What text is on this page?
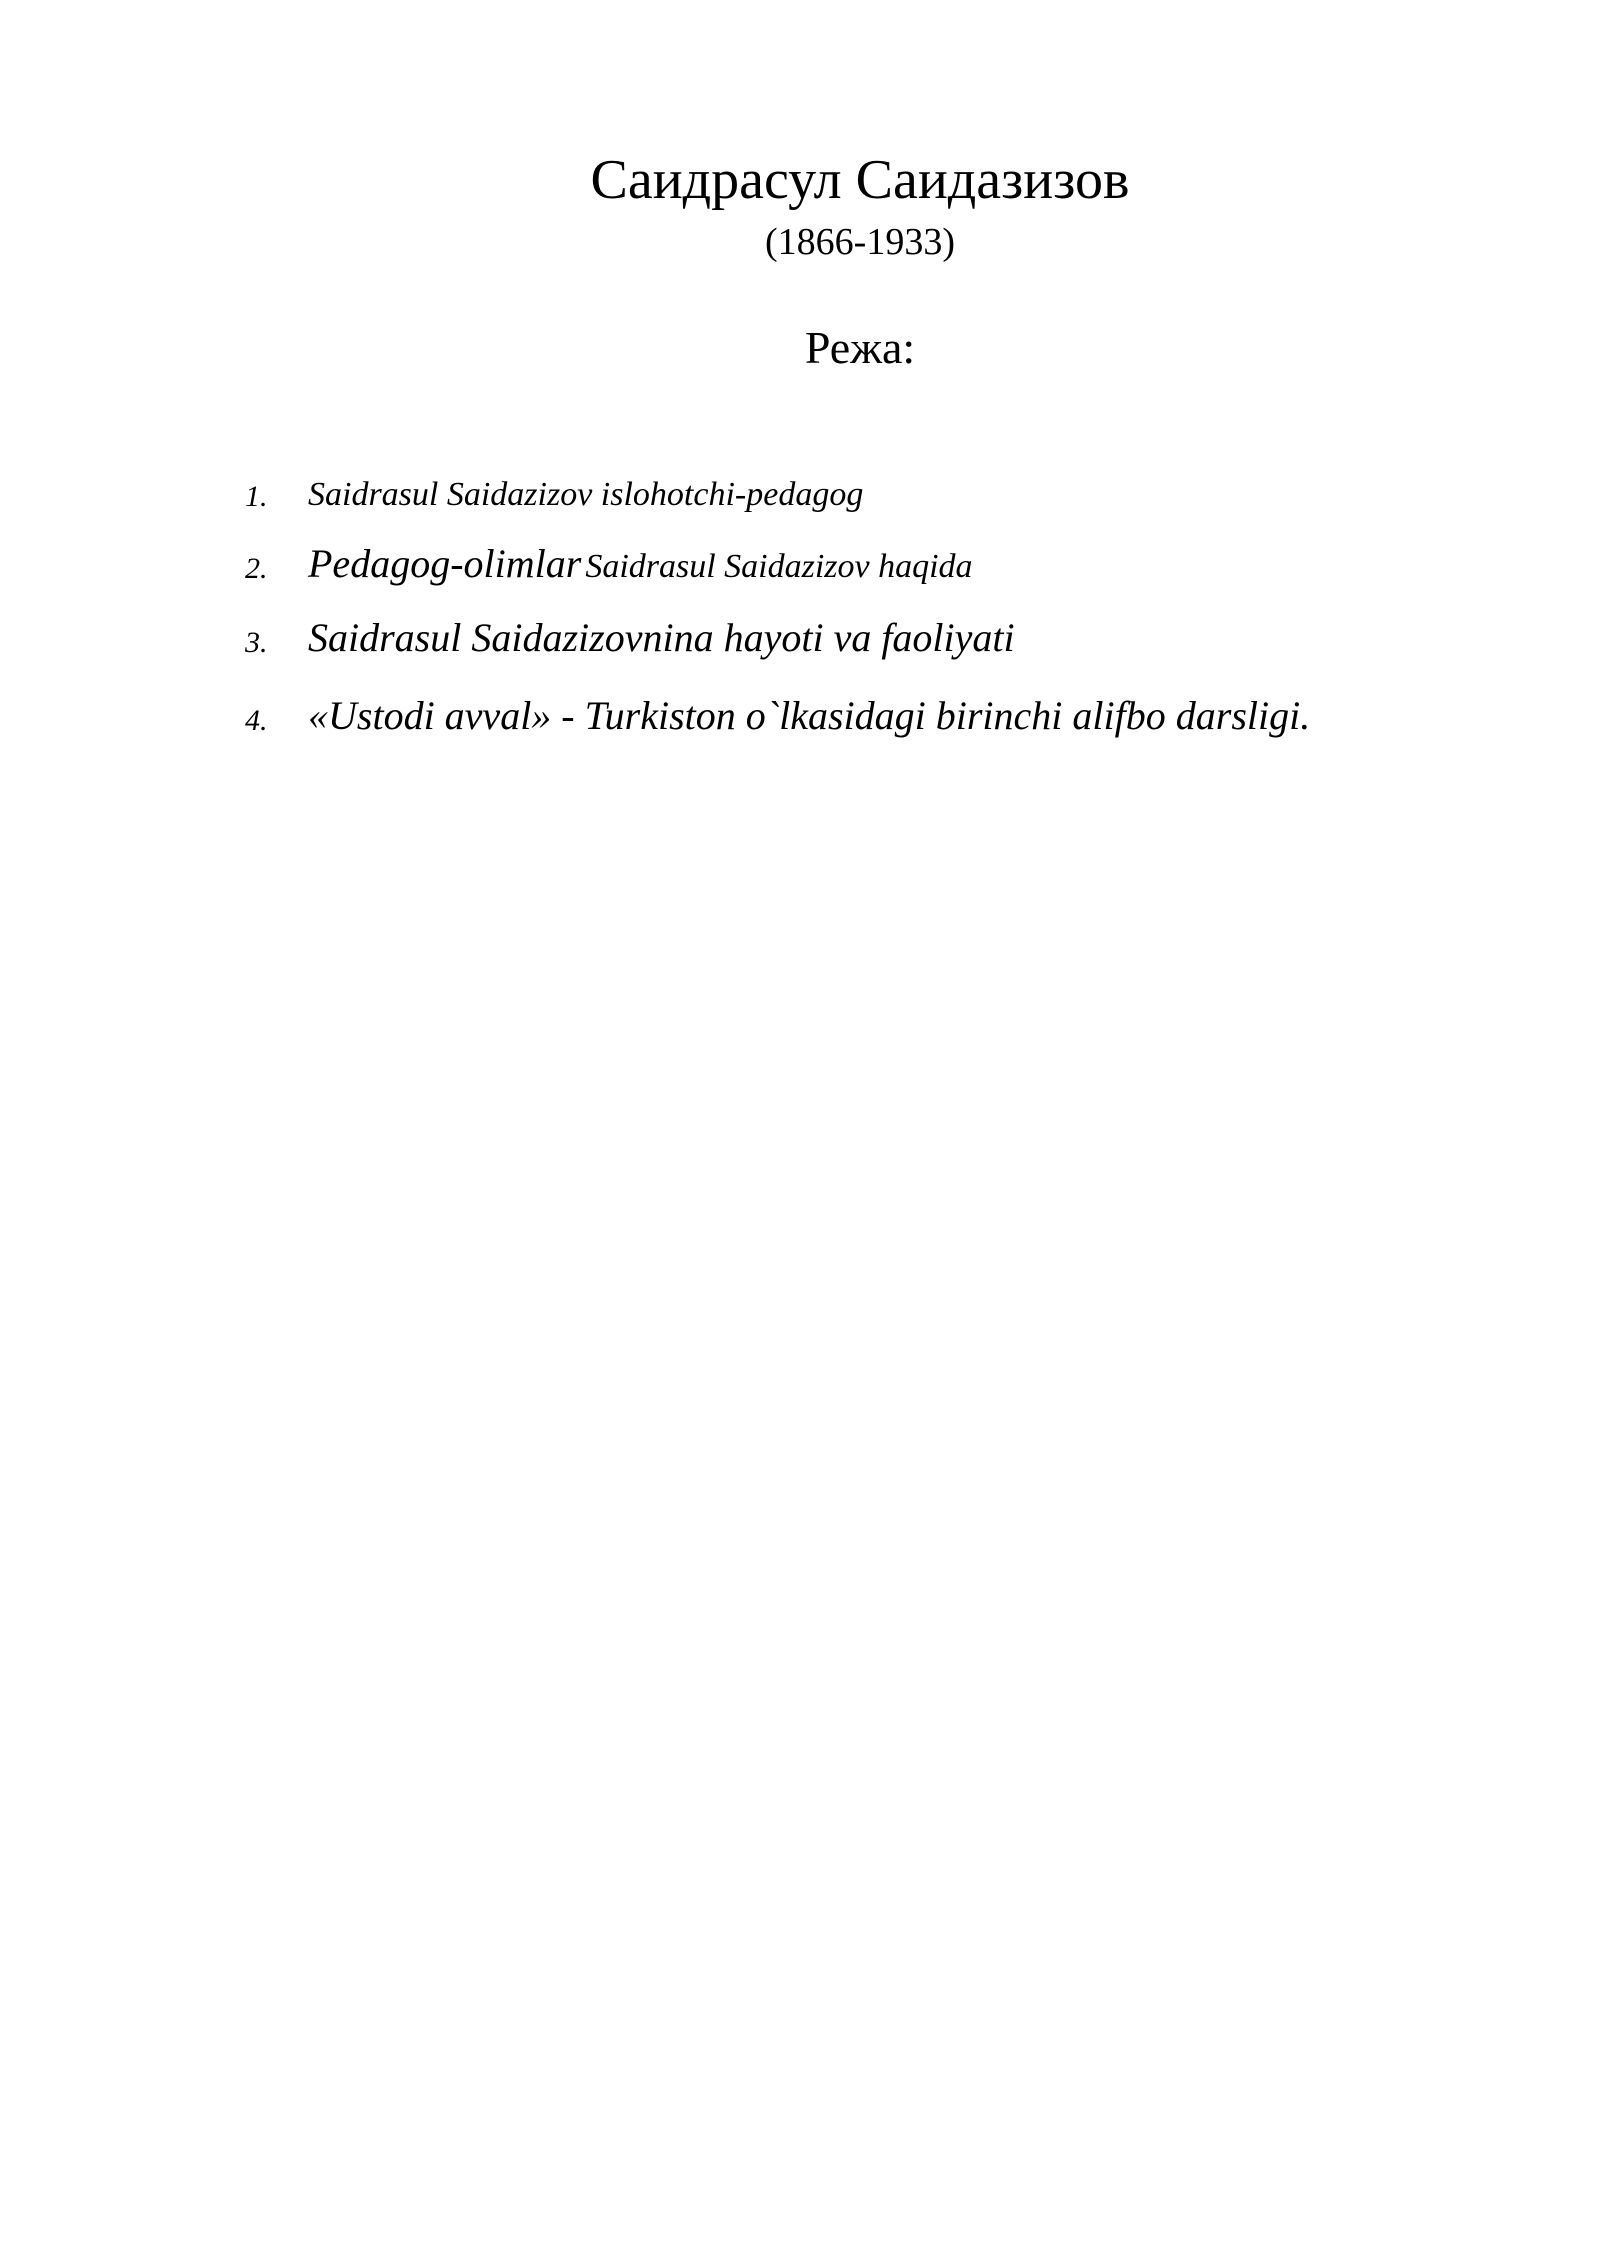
Саидрасул Саидазизов
(1866-1933)
Режа:
1. Saidrasul Saidazizov islohotchi-pedagog
2. Pedagog-olimlar Saidrasul Saidazizov haqida
3. Saidrasul Saidazizovnina hayoti va faoliyati
4. «Ustodi avval» - Turkiston o`lkasidagi birinchi alifbo darsligi.
